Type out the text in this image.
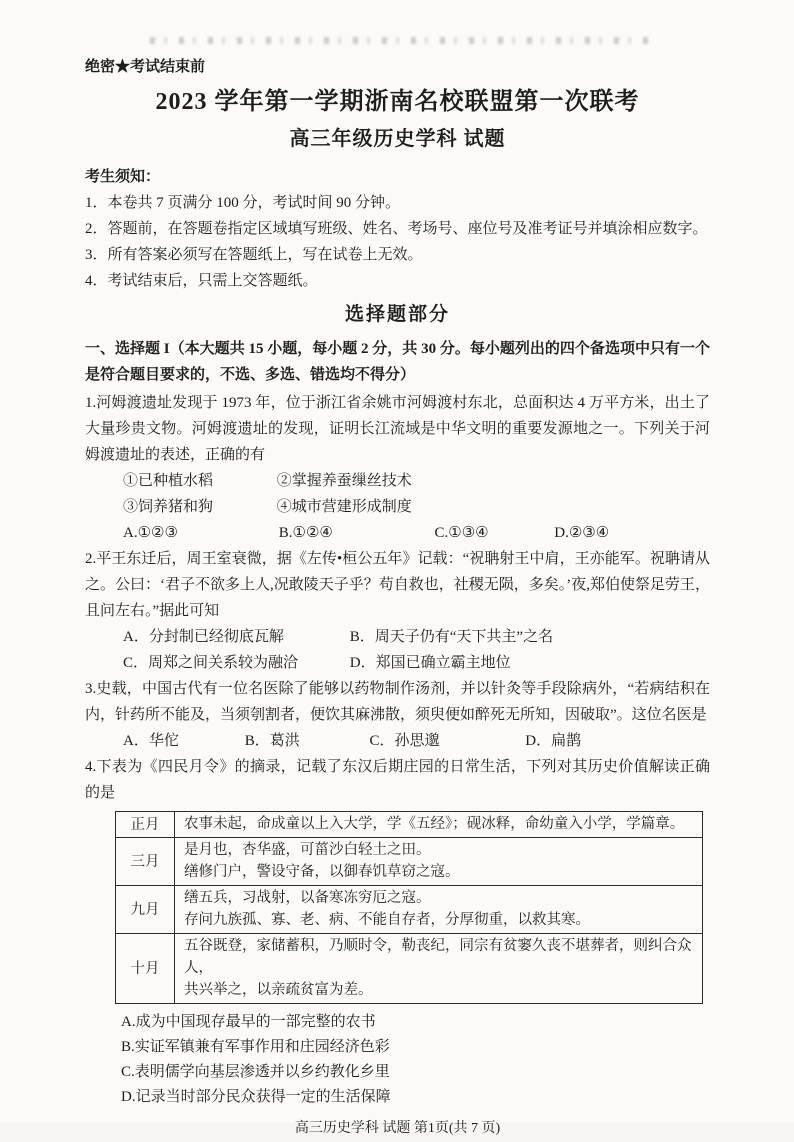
绝密★考试结束前

2023 学年第一学期浙南名校联盟第一次联考
高三年级历史学科 试题

考生须知：

1．本卷共 7 页满分 100 分，考试时间 90 分钟。

2．答题前，在答题卷指定区域填写班级、姓名、考场号、座位号及准考证号并填涂相应数字。

3．所有答案必须写在答题纸上，写在试卷上无效。

4．考试结束后，只需上交答题纸。

选择题部分

一、选择题 I（本大题共 15 小题，每小题 2 分，共 30 分。每小题列出的四个备选项中只有一个是符合题目要求的，不选、多选、错选均不得分）

1.河姆渡遗址发现于 1973 年，位于浙江省余姚市河姆渡村东北，总面积达 4 万平方米，出土了大量珍贵文物。河姆渡遗址的发现，证明长江流域是中华文明的重要发源地之一。下列关于河姆渡遗址的表述，正确的有

①已种植水稻	②掌握养蚕缫丝技术

③饲养猪和狗	④城市营建形成制度

A.①②③	B.①②④	C.①③④	D.②③④

2.平王东迁后，周王室衰微，据《左传•桓公五年》记载：“祝聃射王中肩，王亦能军。祝聃请从之。公曰：‘君子不欲多上人,况敢陵天子乎？苟自救也，社稷无陨，多矣。’夜,郑伯使祭足劳王，且问左右。”据此可知

A．分封制已经彻底瓦解	B．周天子仍有“天下共主”之名

C．周郑之间关系较为融洽	D．郑国已确立霸主地位

3.史载，中国古代有一位名医除了能够以药物制作汤剂，并以针灸等手段除病外，“若病结积在内，针药所不能及，当须刳割者，便饮其麻沸散，须臾便如醉死无所知，因破取”。这位名医是

A．华佗	B．葛洪	C．孙思邈	D．扁鹊

4.下表为《四民月令》的摘录，记载了东汉后期庄园的日常生活，下列对其历史价值解读正确的是

正月	农事未起，命成童以上入大学，学《五经》；砚冰释，命幼童入小学，学篇章。

三月	是月也，杏华盛，可菑沙白轻土之田。
缮修门户，警设守备，以御春饥草窃之寇。

九月	缮五兵，习战射，以备寒冻穷厄之寇。
存问九族孤、寡、老、病、不能自存者，分厚彻重，以救其寒。

十月	五谷既登，家储蓄积，乃顺时令，勒丧纪，同宗有贫窭久丧不堪葬者，则纠合众人，
共兴举之，以亲疏贫富为差。

A.成为中国现存最早的一部完整的农书

B.实证军镇兼有军事作用和庄园经济色彩

C.表明儒学向基层渗透并以乡约教化乡里

D.记录当时部分民众获得一定的生活保障

高三历史学科 试题 第1页(共 7 页)
